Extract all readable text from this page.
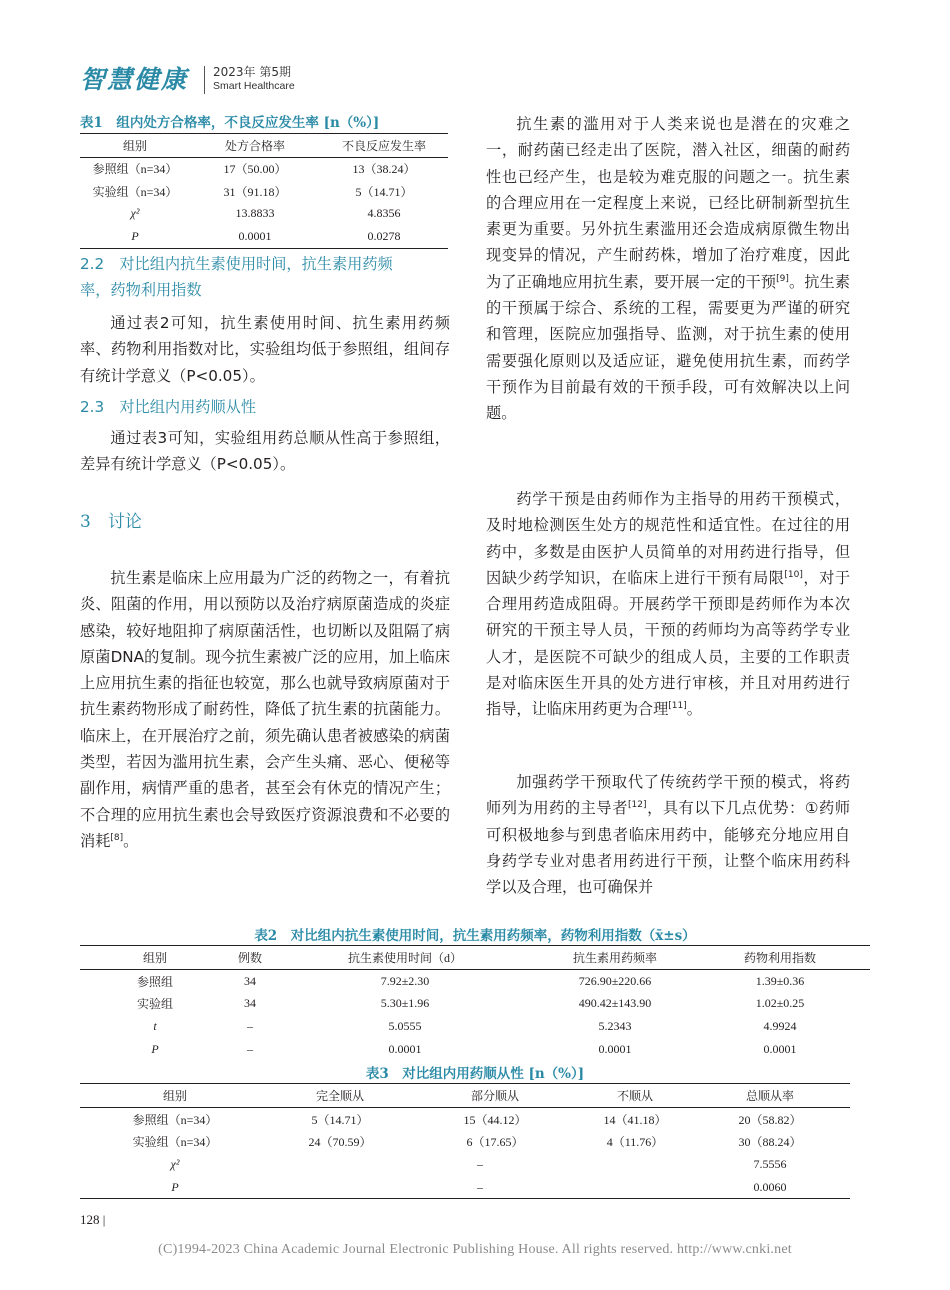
智慧健康 2023年 第5期
Smart Healthcare
表1　组内处方合格率，不良反应发生率 [n（%）]
组别	处方合格率	不良反应发生率
参照组（n=34）	17（50.00）	13（38.24）
实验组（n=34）	31（91.18）	5（14.71）
χ²	13.8833	4.8356
P	0.0001	0.0278
2.2　对比组内抗生素使用时间，抗生素用药频
率，药物利用指数
通过表2可知，抗生素使用时间、抗生素用药频率、药物利用指数对比，实验组均低于参照组，组间存有统计学意义（P<0.05）。
2.3　对比组内用药顺从性
通过表3可知，实验组用药总顺从性高于参照组，差异有统计学意义（P<0.05）。
3　讨论
抗生素是临床上应用最为广泛的药物之一，有着抗炎、阻菌的作用，用以预防以及治疗病原菌造成的炎症感染，较好地阻抑了病原菌活性，也切断以及阻隔了病原菌DNA的复制。现今抗生素被广泛的应用，加上临床上应用抗生素的指征也较宽，那么也就导致病原菌对于抗生素药物形成了耐药性，降低了抗生素的抗菌能力。临床上，在开展治疗之前，须先确认患者被感染的病菌类型，若因为滥用抗生素，会产生头痛、恶心、便秘等副作用，病情严重的患者，甚至会有休克的情况产生；不合理的应用抗生素也会导致医疗资源浪费和不必要的消耗[8]。
抗生素的滥用对于人类来说也是潜在的灾难之一，耐药菌已经走出了医院，潜入社区，细菌的耐药性也已经产生，也是较为难克服的问题之一。抗生素的合理应用在一定程度上来说，已经比研制新型抗生素更为重要。另外抗生素滥用还会造成病原微生物出现变异的情况，产生耐药株，增加了治疗难度，因此为了正确地应用抗生素，要开展一定的干预[9]。抗生素的干预属于综合、系统的工程，需要更为严谨的研究和管理，医院应加强指导、监测，对于抗生素的使用需要强化原则以及适应证，避免使用抗生素，而药学干预作为目前最有效的干预手段，可有效解决以上问题。
药学干预是由药师作为主指导的用药干预模式，及时地检测医生处方的规范性和适宜性。在过往的用药中，多数是由医护人员简单的对用药进行指导，但因缺少药学知识，在临床上进行干预有局限[10]，对于合理用药造成阻碍。开展药学干预即是药师作为本次研究的干预主导人员，干预的药师均为高等药学专业人才，是医院不可缺少的组成人员，主要的工作职责是对临床医生开具的处方进行审核，并且对用药进行指导，让临床用药更为合理[11]。
加强药学干预取代了传统药学干预的模式，将药师列为用药的主导者[12]，具有以下几点优势：①药师可积极地参与到患者临床用药中，能够充分地应用自身药学专业对患者用药进行干预，让整个临床用药科学以及合理，也可确保并
表2　对比组内抗生素使用时间，抗生素用药频率，药物利用指数（x̄±s）
组别	例数	抗生素使用时间（d）	抗生素用药频率	药物利用指数
参照组	34	7.92±2.30	726.90±220.66	1.39±0.36
实验组	34	5.30±1.96	490.42±143.90	1.02±0.25
t	–	5.0555	5.2343	4.9924
P	–	0.0001	0.0001	0.0001
表3　对比组内用药顺从性 [n（%）]
组别	完全顺从	部分顺从	不顺从	总顺从率
参照组（n=34）	5（14.71）	15（44.12）	14（41.18）	20（58.82）
实验组（n=34）	24（70.59）	6（17.65）	4（11.76）	30（88.24）
χ²	–			7.5556
P	–			0.0060
128 |
(C)1994-2023 China Academic Journal Electronic Publishing House. All rights reserved. http://www.cnki.net
